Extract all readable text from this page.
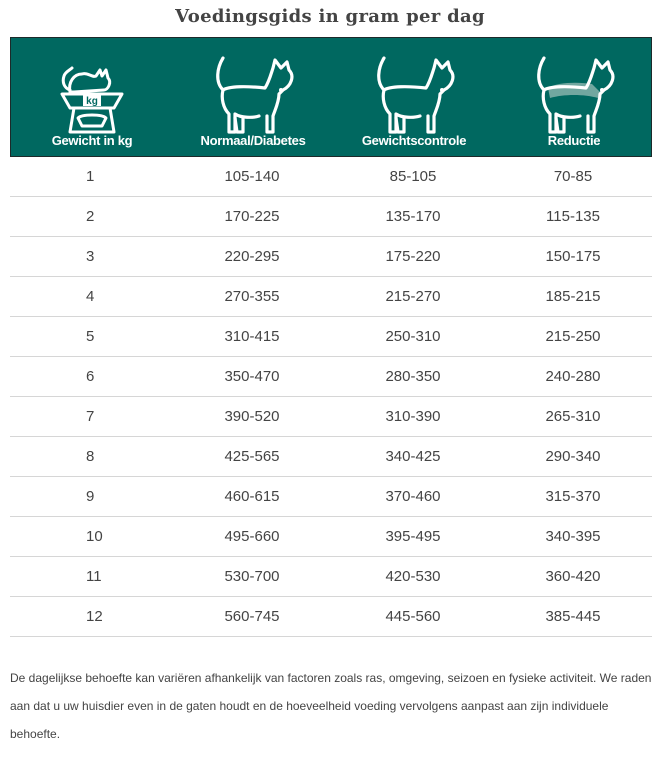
Voedingsgids in gram per dag
kg
Gewicht in kg	Normaal/Diabetes	Gewichtscontrole	Reductie
1	105-140	85-105	70-85
2	170-225	135-170	115-135
3	220-295	175-220	150-175
4	270-355	215-270	185-215
5	310-415	250-310	215-250
6	350-470	280-350	240-280
7	390-520	310-390	265-310
8	425-565	340-425	290-340
9	460-615	370-460	315-370
10	495-660	395-495	340-395
11	530-700	420-530	360-420
12	560-745	445-560	385-445
De dagelijkse behoefte kan variëren afhankelijk van factoren zoals ras, omgeving, seizoen en fysieke activiteit. We raden aan dat u uw huisdier even in de gaten houdt en de hoeveelheid voeding vervolgens aanpast aan zijn individuele behoefte.
